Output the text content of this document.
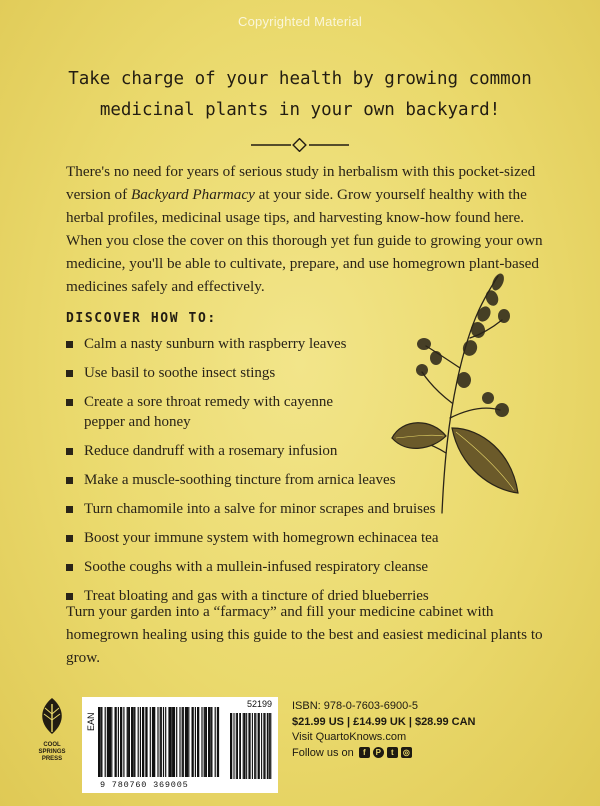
Copyrighted Material
Take charge of your health by growing common
medicinal plants in your own backyard!
There's no need for years of serious study in herbalism with this pocket-sized version of Backyard Pharmacy at your side. Grow yourself healthy with the herbal profiles, medicinal usage tips, and harvesting know-how found here. When you close the cover on this thorough yet fun guide to growing your own medicine, you'll be able to cultivate, prepare, and use homegrown plant-based medicines safely and effectively.
DISCOVER HOW TO:
Calm a nasty sunburn with raspberry leaves
Use basil to soothe insect stings
Create a sore throat remedy with cayenne pepper and honey
Reduce dandruff with a rosemary infusion
Make a muscle-soothing tincture from arnica leaves
Turn chamomile into a salve for minor scrapes and bruises
Boost your immune system with homegrown echinacea tea
Soothe coughs with a mullein-infused respiratory cleanse
Treat bloating and gas with a tincture of dried blueberries
Turn your garden into a “farmacy” and fill your medicine cabinet with homegrown healing using this guide to the best and easiest medicinal plants to grow.
COOL SPRINGS PRESS
EAN
52199
9 780760 369005
ISBN: 978-0-7603-6900-5
$21.99 US | £14.99 UK | $28.99 CAN
Visit QuartoKnows.com
Follow us on	f	P	t	◎
